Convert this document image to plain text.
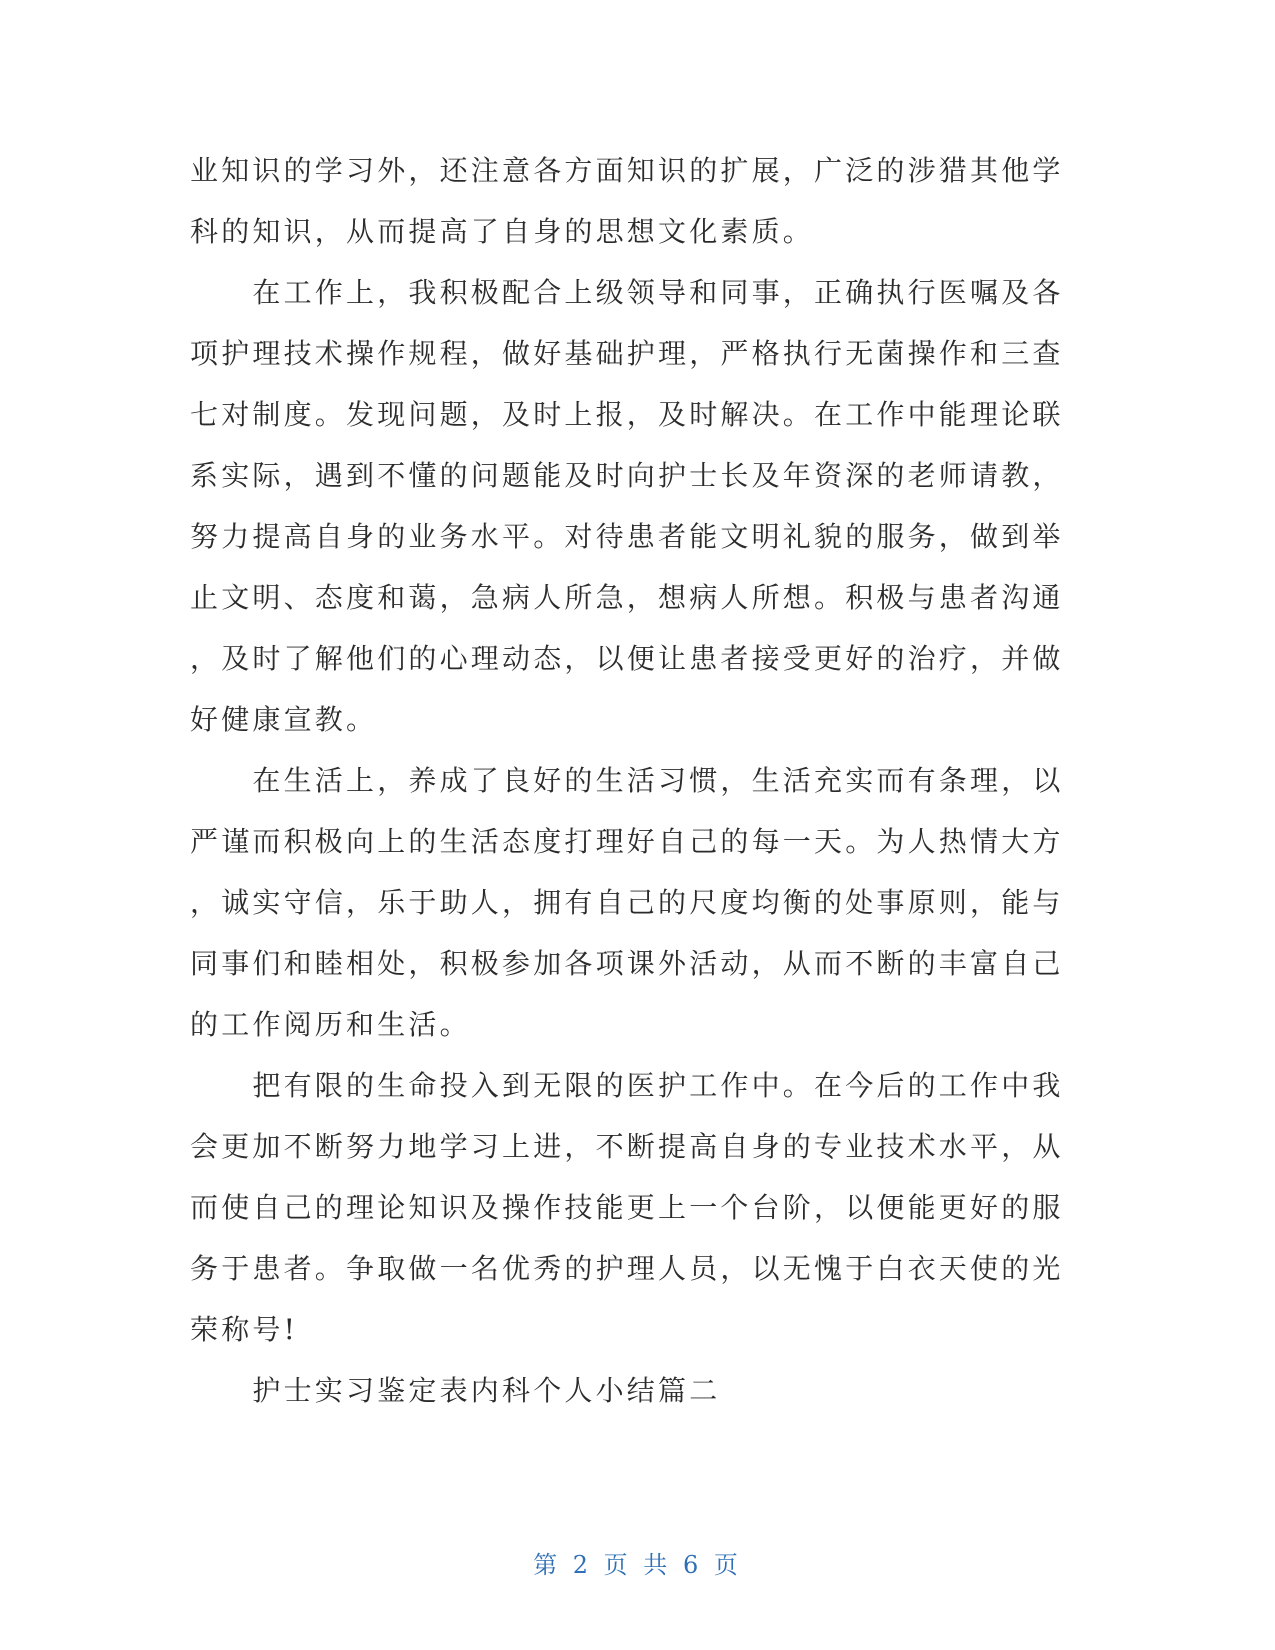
业知识的学习外，还注意各方面知识的扩展，广泛的涉猎其他学
科的知识，从而提高了自身的思想文化素质。
　　在工作上，我积极配合上级领导和同事，正确执行医嘱及各
项护理技术操作规程，做好基础护理，严格执行无菌操作和三查
七对制度。发现问题，及时上报，及时解决。在工作中能理论联
系实际，遇到不懂的问题能及时向护士长及年资深的老师请教，
努力提高自身的业务水平。对待患者能文明礼貌的服务，做到举
止文明、态度和蔼，急病人所急，想病人所想。积极与患者沟通
，及时了解他们的心理动态，以便让患者接受更好的治疗，并做
好健康宣教。
　　在生活上，养成了良好的生活习惯，生活充实而有条理，以
严谨而积极向上的生活态度打理好自己的每一天。为人热情大方
，诚实守信，乐于助人，拥有自己的尺度均衡的处事原则，能与
同事们和睦相处，积极参加各项课外活动，从而不断的丰富自己
的工作阅历和生活。
　　把有限的生命投入到无限的医护工作中。在今后的工作中我
会更加不断努力地学习上进，不断提高自身的专业技术水平，从
而使自己的理论知识及操作技能更上一个台阶，以便能更好的服
务于患者。争取做一名优秀的护理人员，以无愧于白衣天使的光
荣称号!
　　护士实习鉴定表内科个人小结篇二
第 2 页 共 6 页
